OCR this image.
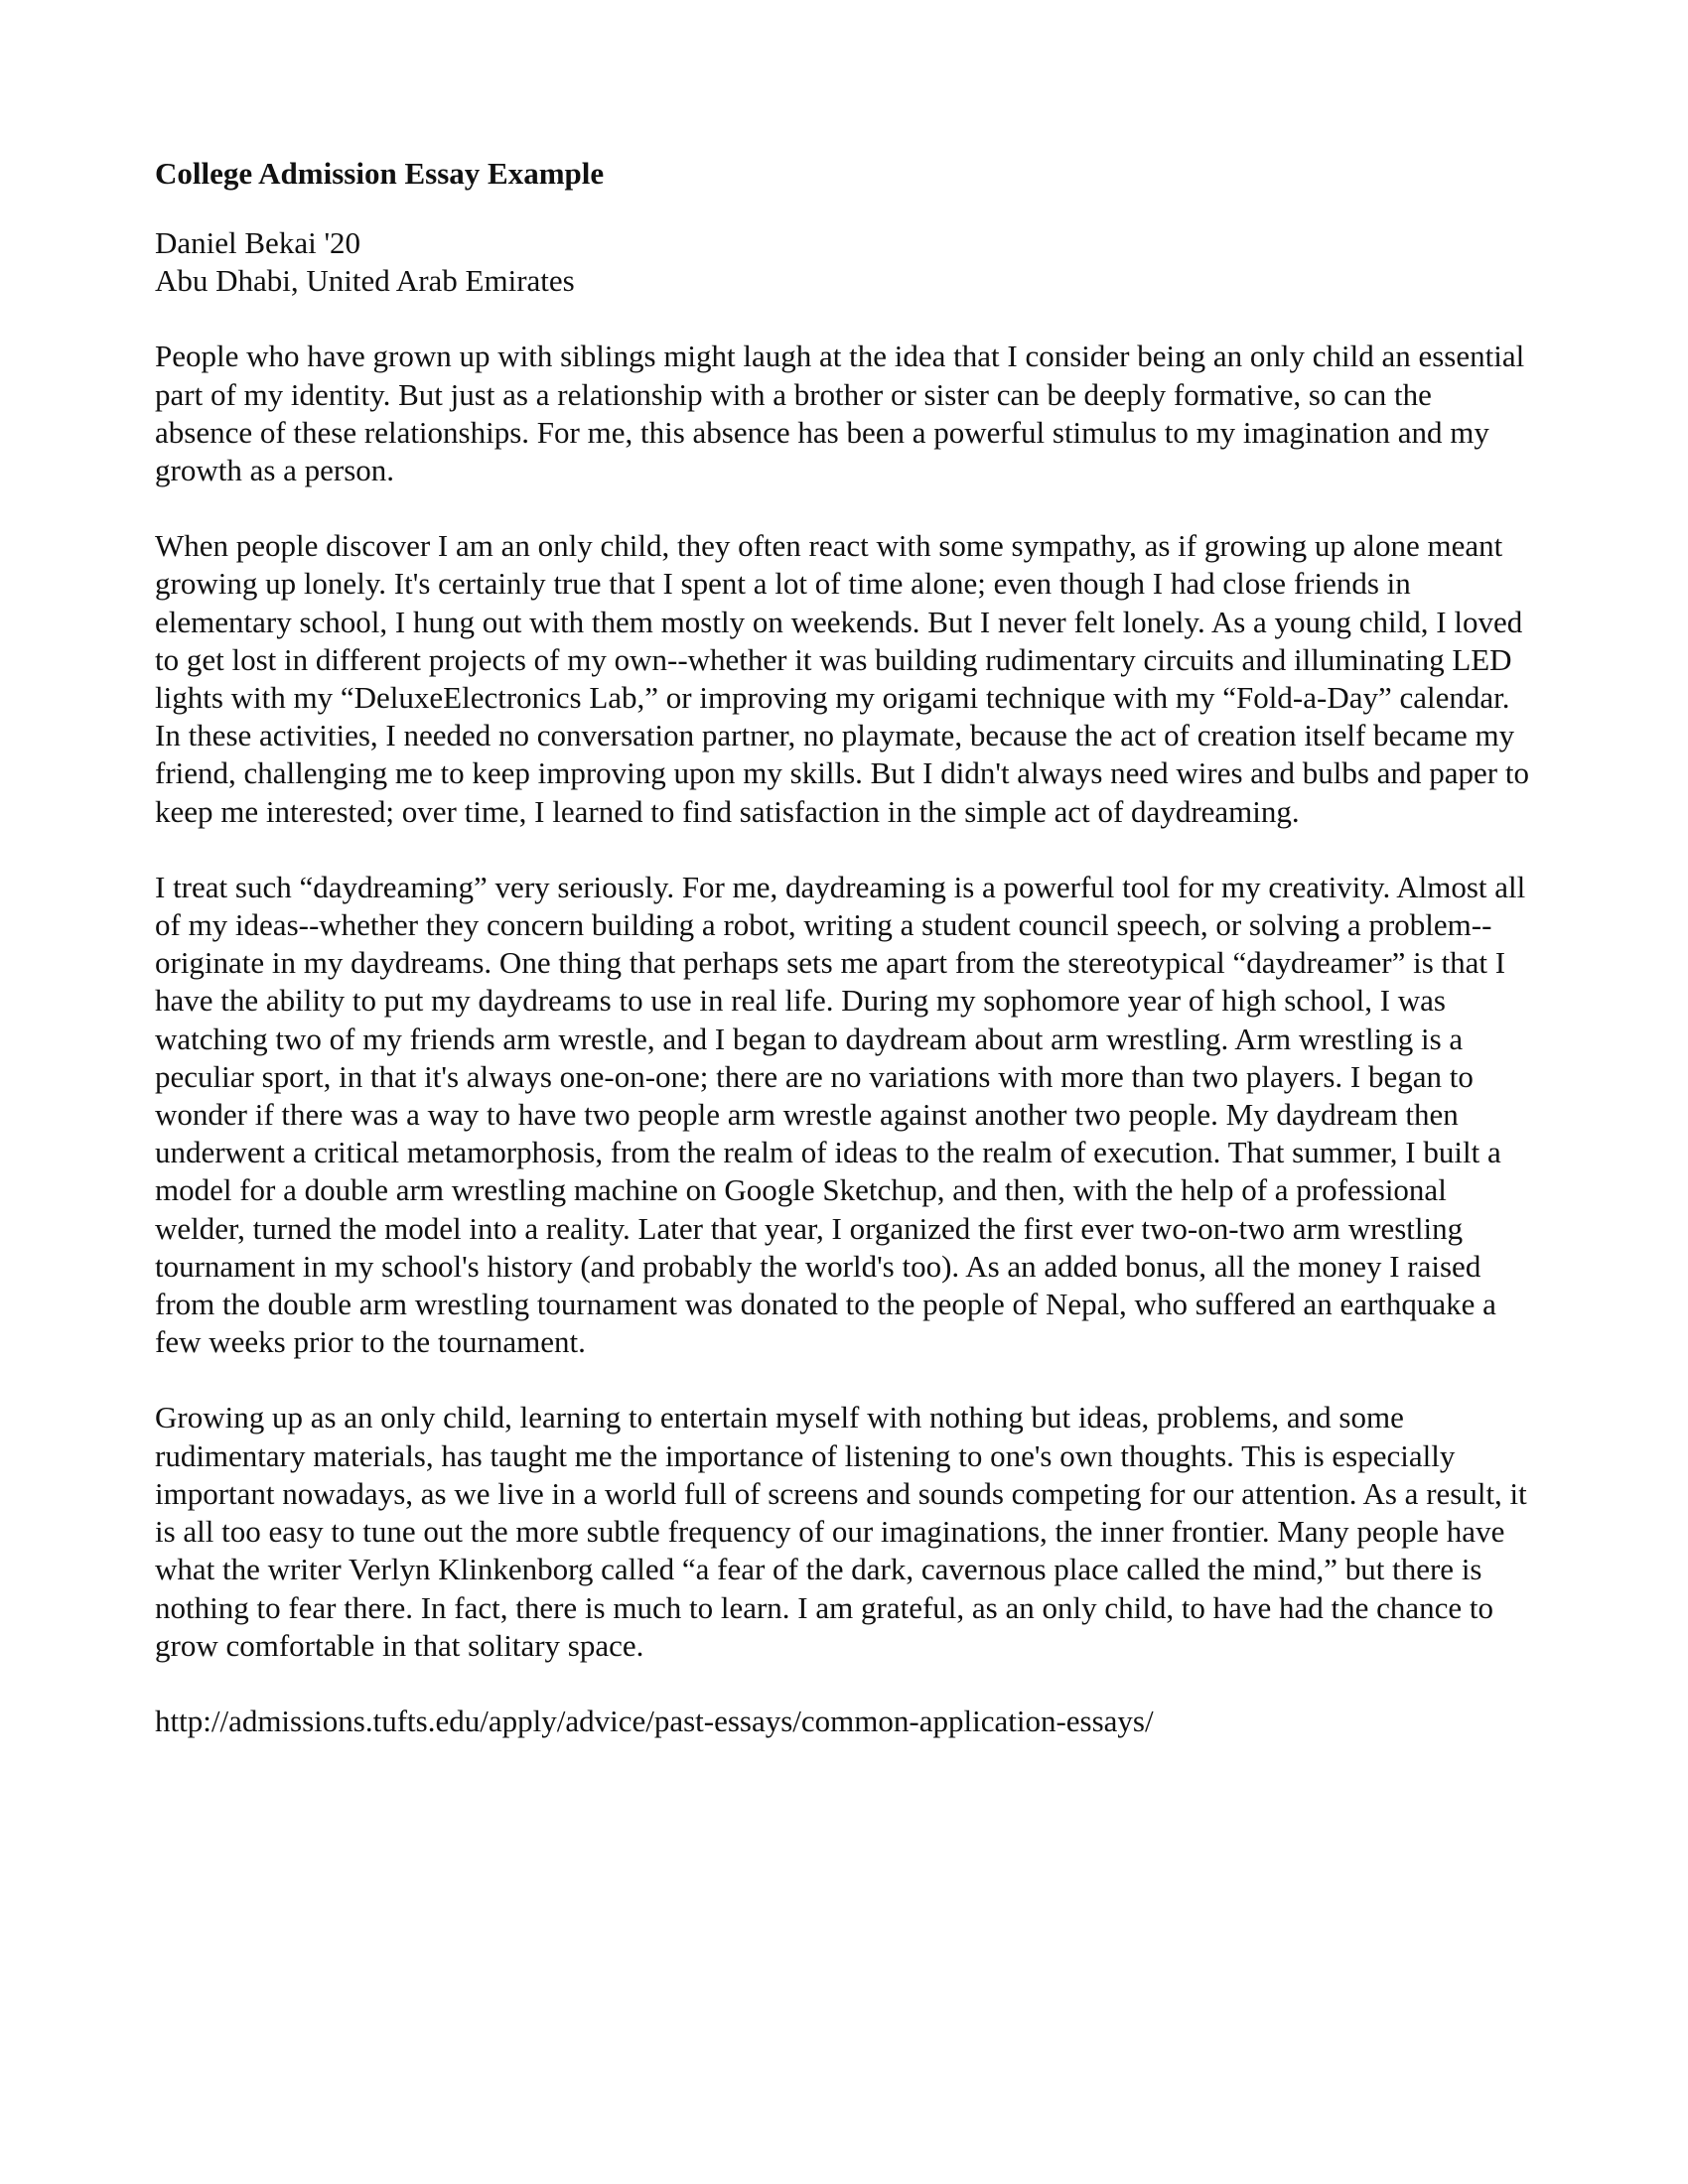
College Admission Essay Example
Daniel Bekai '20
Abu Dhabi, United Arab Emirates

People who have grown up with siblings might laugh at the idea that I consider being an only child an essential part of my identity. But just as a relationship with a brother or sister can be deeply formative, so can the absence of these relationships. For me, this absence has been a powerful stimulus to my imagination and my growth as a person.

When people discover I am an only child, they often react with some sympathy, as if growing up alone meant growing up lonely. It's certainly true that I spent a lot of time alone; even though I had close friends in elementary school, I hung out with them mostly on weekends. But I never felt lonely. As a young child, I loved to get lost in different projects of my own--whether it was building rudimentary circuits and illuminating LED lights with my “DeluxeElectronics Lab,” or improving my origami technique with my “Fold-a-Day” calendar. In these activities, I needed no conversation partner, no playmate, because the act of creation itself became my friend, challenging me to keep improving upon my skills. But I didn't always need wires and bulbs and paper to keep me interested; over time, I learned to find satisfaction in the simple act of daydreaming.

I treat such “daydreaming” very seriously. For me, daydreaming is a powerful tool for my creativity. Almost all of my ideas--whether they concern building a robot, writing a student council speech, or solving a problem--originate in my daydreams. One thing that perhaps sets me apart from the stereotypical “daydreamer” is that I have the ability to put my daydreams to use in real life. During my sophomore year of high school, I was watching two of my friends arm wrestle, and I began to daydream about arm wrestling. Arm wrestling is a peculiar sport, in that it's always one-on-one; there are no variations with more than two players. I began to wonder if there was a way to have two people arm wrestle against another two people. My daydream then underwent a critical metamorphosis, from the realm of ideas to the realm of execution. That summer, I built a model for a double arm wrestling machine on Google Sketchup, and then, with the help of a professional welder, turned the model into a reality. Later that year, I organized the first ever two-on-two arm wrestling tournament in my school's history (and probably the world's too). As an added bonus, all the money I raised from the double arm wrestling tournament was donated to the people of Nepal, who suffered an earthquake a few weeks prior to the tournament.

Growing up as an only child, learning to entertain myself with nothing but ideas, problems, and some rudimentary materials, has taught me the importance of listening to one's own thoughts. This is especially important nowadays, as we live in a world full of screens and sounds competing for our attention. As a result, it is all too easy to tune out the more subtle frequency of our imaginations, the inner frontier. Many people have what the writer Verlyn Klinkenborg called “a fear of the dark, cavernous place called the mind,” but there is nothing to fear there. In fact, there is much to learn. I am grateful, as an only child, to have had the chance to grow comfortable in that solitary space.

http://admissions.tufts.edu/apply/advice/past-essays/common-application-essays/
